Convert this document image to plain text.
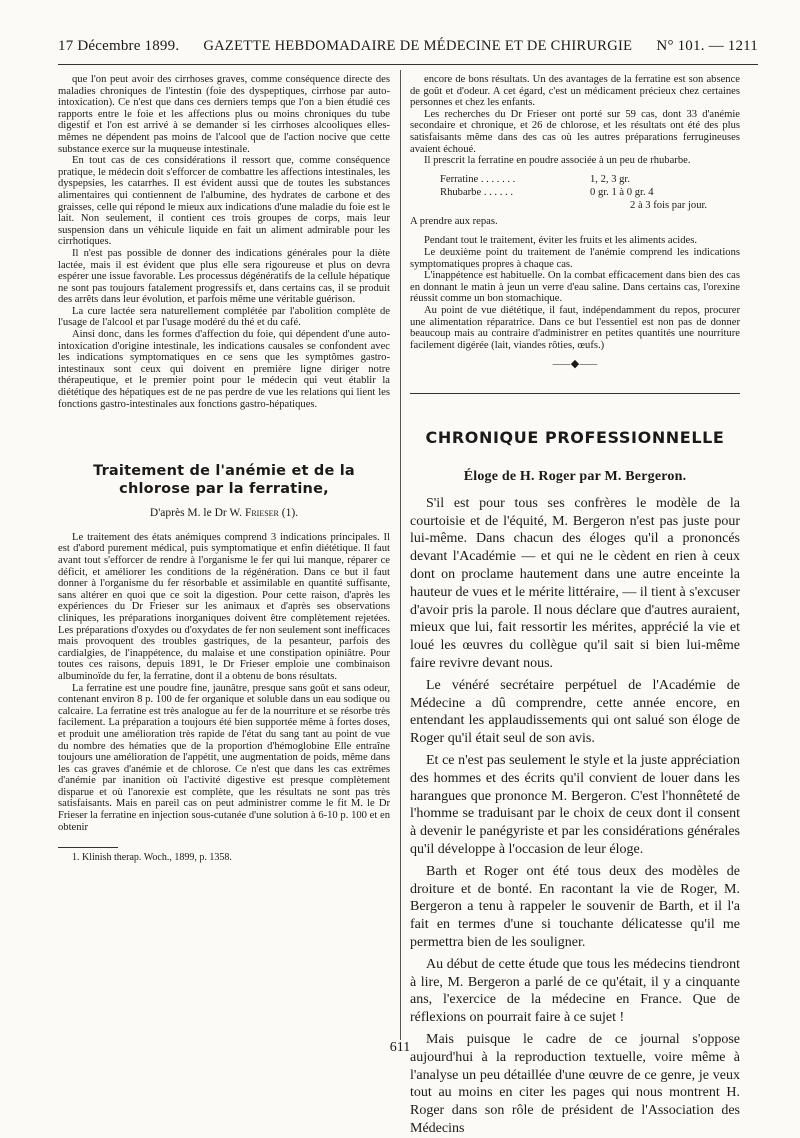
17 Décembre 1899. GAZETTE HEBDOMADAIRE DE MÉDECINE ET DE CHIRURGIE N° 101. — 1211

que l'on peut avoir des cirrhoses graves, comme conséquence directe des maladies chroniques de l'intestin (foie des dyspeptiques, cirrhose par auto-intoxication). Ce n'est que dans ces derniers temps que l'on a bien étudié ces rapports entre le foie et les affections plus ou moins chroniques du tube digestif et l'on est arrivé à se demander si les cirrhoses alcooliques elles-mêmes ne dépendent pas moins de l'alcool que de l'action nocive que cette substance exerce sur la muqueuse intestinale.

En tout cas de ces considérations il ressort que, comme conséquence pratique, le médecin doit s'efforcer de combattre les affections intestinales, les dyspepsies, les catarrhes. Il est évident aussi que de toutes les substances alimentaires qui contiennent de l'albumine, des hydrates de carbone et des graisses, celle qui répond le mieux aux indications d'une maladie du foie est le lait. Non seulement, il contient ces trois groupes de corps, mais leur suspension dans un véhicule liquide en fait un aliment admirable pour les cirrhotiques.

Il n'est pas possible de donner des indications générales pour la diète lactée, mais il est évident que plus elle sera rigoureuse et plus on devra espérer une issue favorable. Les processus dégénératifs de la cellule hépatique ne sont pas toujours fatalement progressifs et, dans certains cas, il se produit des arrêts dans leur évolution, et parfois même une véritable guérison.

La cure lactée sera naturellement complétée par l'abolition complète de l'usage de l'alcool et par l'usage modéré du thé et du café.

Ainsi donc, dans les formes d'affection du foie, qui dépendent d'une auto-intoxication d'origine intestinale, les indications causales se confondent avec les indications symptomatiques en ce sens que les symptômes gastro-intestinaux sont ceux qui doivent en première ligne diriger notre thérapeutique, et le premier point pour le médecin qui veut établir la diététique des hépatiques est de ne pas perdre de vue les relations qui lient les fonctions gastro-intestinales aux fonctions gastro-hépatiques.

Traitement de l'anémie et de la chlorose par la ferratine,
D'après M. le Dr W. Frieser (1).

Le traitement des états anémiques comprend 3 indications principales. Il est d'abord purement médical, puis symptomatique et enfin diététique. Il faut avant tout s'efforcer de rendre à l'organisme le fer qui lui manque, réparer ce déficit, et améliorer les conditions de la régénération. Dans ce but il faut donner à l'organisme du fer résorbable et assimilable en quantité suffisante, sans altérer en quoi que ce soit la digestion. Pour cette raison, d'après les expériences du Dr Frieser sur les animaux et d'après ses observations cliniques, les préparations inorganiques doivent être complètement rejetées. Les préparations d'oxydes ou d'oxydates de fer non seulement sont inefficaces mais provoquent des troubles gastriques, de la pesanteur, parfois des cardialgies, de l'inappétence, du malaise et une constipation opiniâtre. Pour toutes ces raisons, depuis 1891, le Dr Frieser emploie une combinaison albuminoïde du fer, la ferratine, dont il a obtenu de bons résultats.

La ferratine est une poudre fine, jaunâtre, presque sans goût et sans odeur, contenant environ 8 p. 100 de fer organique et soluble dans un eau sodique ou calcaire. La ferratine est très analogue au fer de la nourriture et se résorbe très facilement. La préparation a toujours été bien supportée même à fortes doses, et produit une amélioration très rapide de l'état du sang tant au point de vue du nombre des hématies que de la proportion d'hémoglobine Elle entraîne toujours une amélioration de l'appétit, une augmentation de poids, même dans les cas graves d'anémie et de chlorose. Ce n'est que dans les cas extrêmes d'anémie par inanition où l'activité digestive est presque complètement disparue et où l'anorexie est complète, que les résultats ne sont pas très satisfaisants. Mais en pareil cas on peut administrer comme le fit M. le Dr Frieser la ferratine en injection sous-cutanée d'une solution à 6-10 p. 100 et en obtenir

1. Klinish therap. Woch., 1899, p. 1358.

encore de bons résultats. Un des avantages de la ferratine est son absence de goût et d'odeur. A cet égard, c'est un médicament précieux chez certaines personnes et chez les enfants.

Les recherches du Dr Frieser ont porté sur 59 cas, dont 33 d'anémie secondaire et chronique, et 26 de chlorose, et les résultats ont été des plus satisfaisants même dans des cas où les autres préparations ferrugineuses avaient échoué.

Il prescrit la ferratine en poudre associée à un peu de rhubarbe.

Ferratine . . . . . . .	1, 2, 3 gr.
Rhubarbe . . . . . .	0 gr. 1 à 0 gr. 4
2 à 3 fois par jour.

A prendre aux repas.

Pendant tout le traitement, éviter les fruits et les aliments acides.

Le deuxième point du traitement de l'anémie comprend les indications symptomatiques propres à chaque cas.

L'inappétence est habituelle. On la combat efficacement dans bien des cas en donnant le matin à jeun un verre d'eau saline. Dans certains cas, l'orexine réussit comme un bon stomachique.

Au point de vue diététique, il faut, indépendamment du repos, procurer une alimentation réparatrice. Dans ce but l'essentiel est non pas de donner beaucoup mais au contraire d'administrer en petites quantités une nourriture facilement digérée (lait, viandes rôties, œufs.)

⸺◆⸺
CHRONIQUE PROFESSIONNELLE
Éloge de H. Roger par M. Bergeron.

S'il est pour tous ses confrères le modèle de la courtoisie et de l'équité, M. Bergeron n'est pas juste pour lui-même. Dans chacun des éloges qu'il a prononcés devant l'Académie — et qui ne le cèdent en rien à ceux dont on proclame hautement dans une autre enceinte la hauteur de vues et le mérite littéraire, — il tient à s'excuser d'avoir pris la parole. Il nous déclare que d'autres auraient, mieux que lui, fait ressortir les mérites, apprécié la vie et loué les œuvres du collègue qu'il sait si bien lui-même faire revivre devant nous.

Le vénéré secrétaire perpétuel de l'Académie de Médecine a dû comprendre, cette année encore, en entendant les applaudissements qui ont salué son éloge de Roger qu'il était seul de son avis.

Et ce n'est pas seulement le style et la juste appréciation des hommes et des écrits qu'il convient de louer dans les harangues que prononce M. Bergeron. C'est l'honnêteté de l'homme se traduisant par le choix de ceux dont il consent à devenir le panégyriste et par les considérations générales qu'il développe à l'occasion de leur éloge.

Barth et Roger ont été tous deux des modèles de droiture et de bonté. En racontant la vie de Roger, M. Bergeron a tenu à rappeler le souvenir de Barth, et il l'a fait en termes d'une si touchante délicatesse qu'il me permettra bien de les souligner.

Au début de cette étude que tous les médecins tiendront à lire, M. Bergeron a parlé de ce qu'était, il y a cinquante ans, l'exercice de la médecine en France. Que de réflexions on pourrait faire à ce sujet !

Mais puisque le cadre de ce journal s'oppose aujourd'hui à la reproduction textuelle, voire même à l'analyse un peu détaillée d'une œuvre de ce genre, je veux tout au moins en citer les pages qui nous montrent H. Roger dans son rôle de président de l'Association des Médecins

611
